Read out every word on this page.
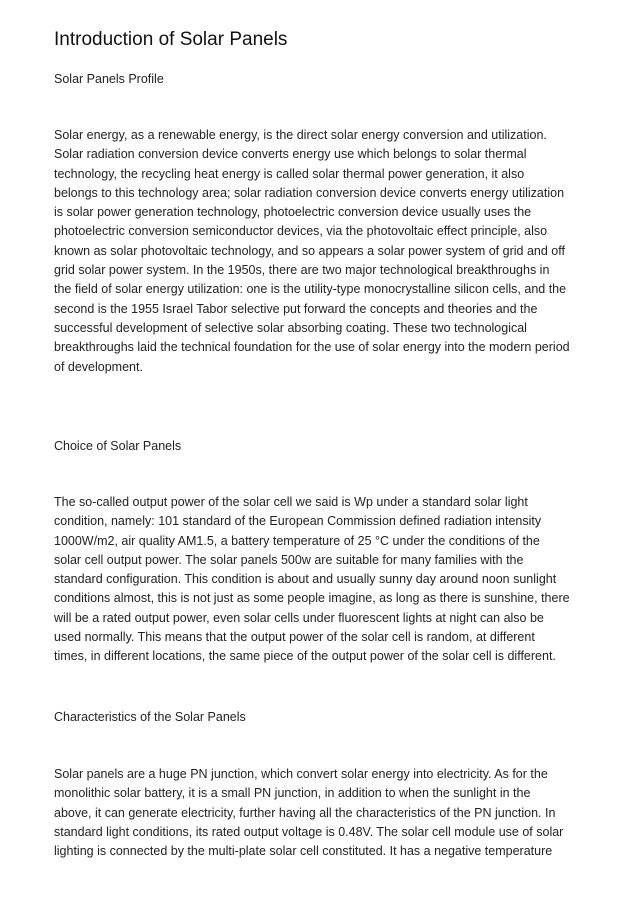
Introduction of Solar Panels
Solar Panels Profile
Solar energy, as a renewable energy, is the direct solar energy conversion and utilization.
Solar radiation conversion device converts energy use which belongs to solar thermal
technology, the recycling heat energy is called solar thermal power generation, it also
belongs to this technology area; solar radiation conversion device converts energy utilization
is solar power generation technology, photoelectric conversion device usually uses the
photoelectric conversion semiconductor devices, via the photovoltaic effect principle, also
known as solar photovoltaic technology, and so appears a solar power system of grid and off
grid solar power system. In the 1950s, there are two major technological breakthroughs in
the field of solar energy utilization: one is the utility-type monocrystalline silicon cells, and the
second is the 1955 Israel Tabor selective put forward the concepts and theories and the
successful development of selective solar absorbing coating. These two technological
breakthroughs laid the technical foundation for the use of solar energy into the modern period
of development.
Choice of Solar Panels
The so-called output power of the solar cell we said is Wp under a standard solar light
condition, namely: 101 standard of the European Commission defined radiation intensity
1000W/m2, air quality AM1.5, a battery temperature of 25 °C under the conditions of the
solar cell output power. The solar panels 500w are suitable for many families with the
standard configuration. This condition is about and usually sunny day around noon sunlight
conditions almost, this is not just as some people imagine, as long as there is sunshine, there
will be a rated output power, even solar cells under fluorescent lights at night can also be
used normally. This means that the output power of the solar cell is random, at different
times, in different locations, the same piece of the output power of the solar cell is different.
Characteristics of the Solar Panels
Solar panels are a huge PN junction, which convert solar energy into electricity. As for the
monolithic solar battery, it is a small PN junction, in addition to when the sunlight in the
above, it can generate electricity, further having all the characteristics of the PN junction. In
standard light conditions, its rated output voltage is 0.48V. The solar cell module use of solar
lighting is connected by the multi-plate solar cell constituted. It has a negative temperature
